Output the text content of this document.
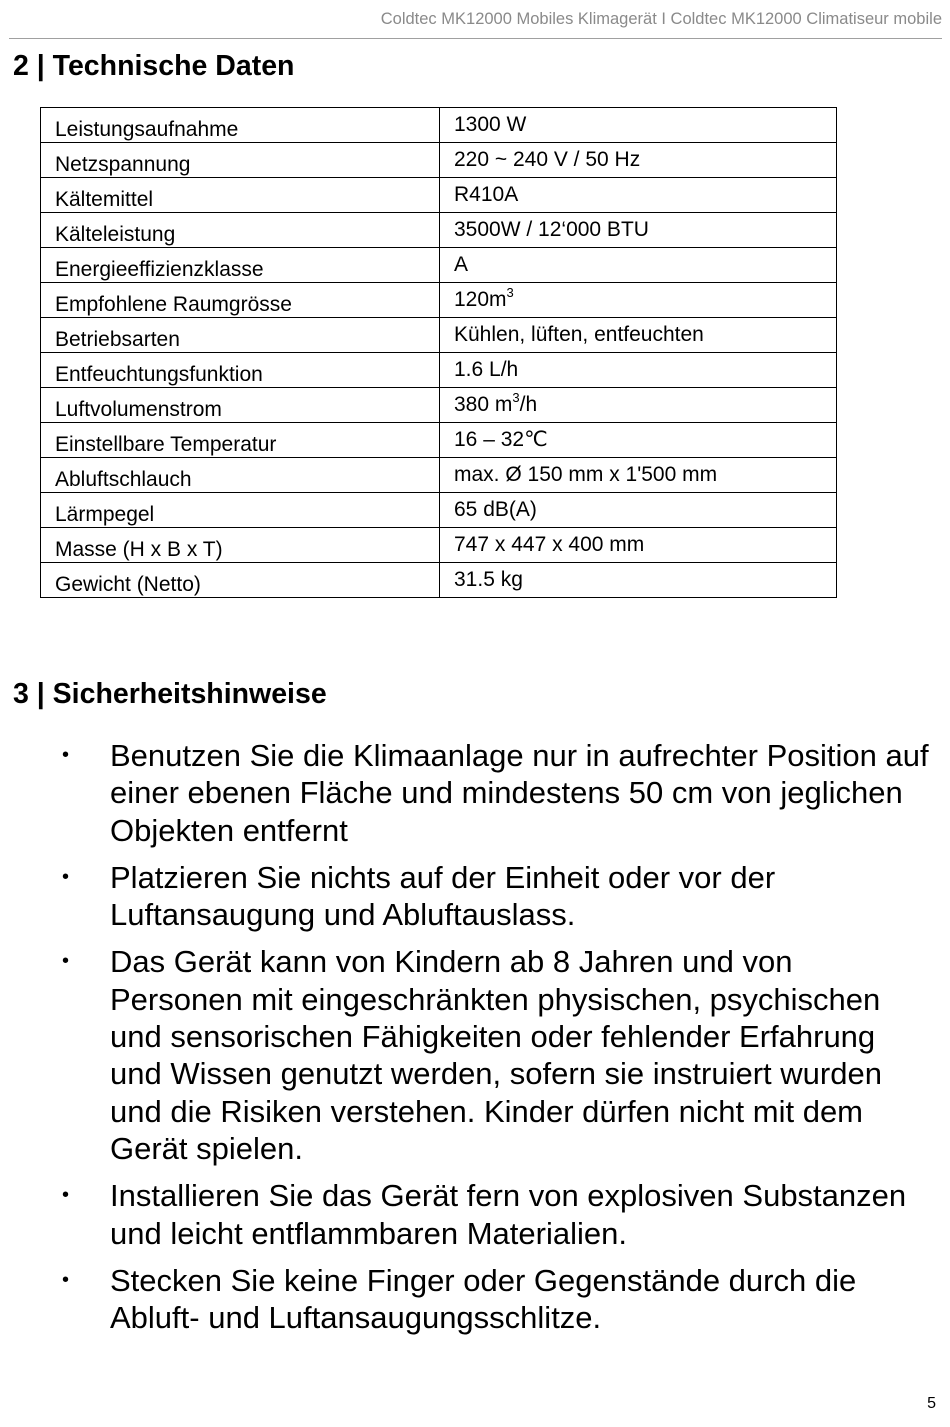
Coldtec MK12000 Mobiles Klimagerät I Coldtec MK12000 Climatiseur mobile
2 | Technische Daten
Leistungsaufnahme	1300 W
Netzspannung	220 ~ 240 V / 50 Hz
Kältemittel	R410A
Kälteleistung	3500W / 12‘000 BTU
Energieeffizienzklasse	A
Empfohlene Raumgrösse	$120m^3$
Betriebsarten	Kühlen, lüften, entfeuchten
Entfeuchtungsfunktion	1.6 L/h
Luftvolumenstrom	380 $m^3/h$
Einstellbare Temperatur	16 – 32℃
Abluftschlauch	max. Ø 150 mm x 1'500 mm
Lärmpegel	65 dB(A)
Masse (H x B x T)	747 x 447 x 400 mm
Gewicht (Netto)	31.5 kg
3 | Sicherheitshinweise
• Benutzen Sie die Klimaanlage nur in aufrechter Position auf einer ebenen Fläche und mindestens 50 cm von jeglichen Objekten entfernt
• Platzieren Sie nichts auf der Einheit oder vor der Luftansaugung und Abluftauslass.
• Das Gerät kann von Kindern ab 8 Jahren und von Personen mit eingeschränkten physischen, psychischen und sensorischen Fähigkeiten oder fehlender Erfahrung und Wissen genutzt werden, sofern sie instruiert wurden und die Risiken verstehen. Kinder dürfen nicht mit dem Gerät spielen.
• Installieren Sie das Gerät fern von explosiven Substanzen und leicht entflammbaren Materialien.
• Stecken Sie keine Finger oder Gegenstände durch die Abluft- und Luftansaugungsschlitze.
5
